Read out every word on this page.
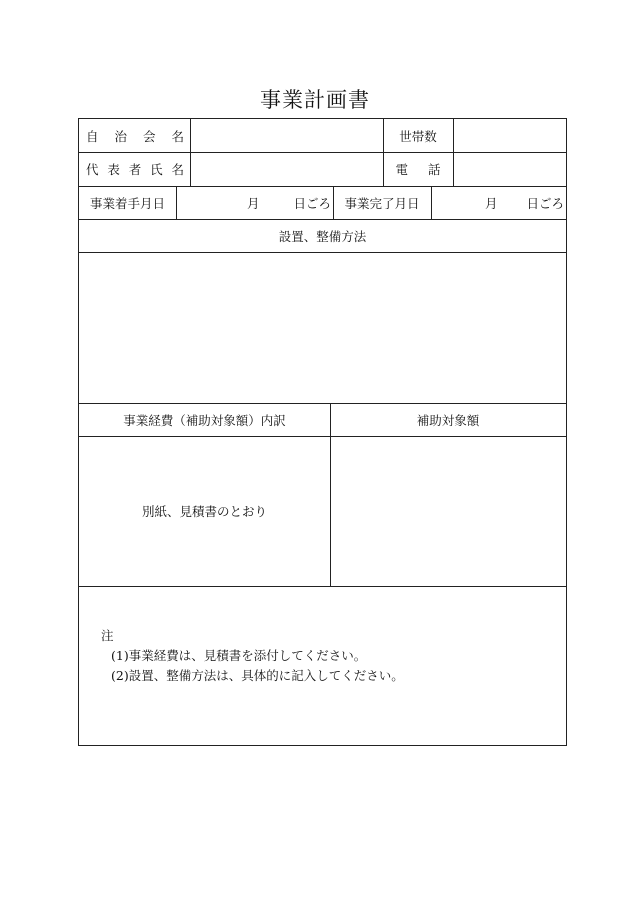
事業計画書
自 治 会 名	世帯数
代 表 者 氏 名	電 話
事業着手月日	月	日ごろ	事業完了月日	月 日ごろ
設置、整備方法
事業経費（補助対象額）内訳	補助対象額
別紙、見積書のとおり
注
(1)事業経費は、見積書を添付してください。
(2)設置、整備方法は、具体的に記入してください。
